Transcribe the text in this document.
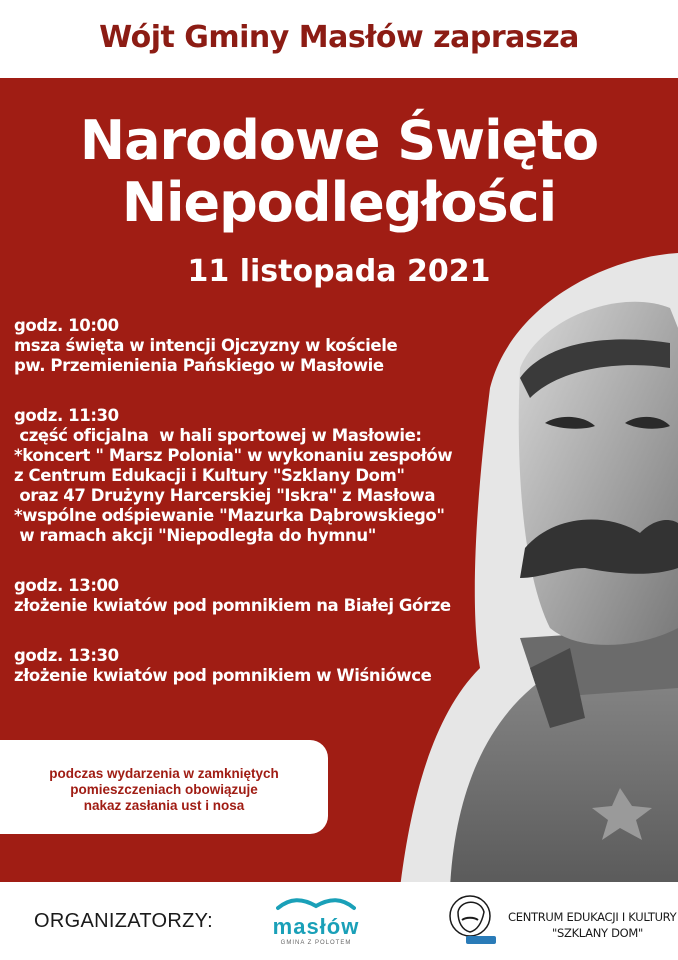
Wójt Gminy Masłów zaprasza
Narodowe Święto
Niepodległości
11 listopada 2021
godz. 10:00
msza święta w intencji Ojczyzny w kościele
pw. Przemienienia Pańskiego w Masłowie
godz. 11:30
część oficjalna  w hali sportowej w Masłowie:
*koncert " Marsz Polonia" w wykonaniu zespołów
z Centrum Edukacji i Kultury "Szklany Dom"
oraz 47 Drużyny Harcerskiej "Iskra" z Masłowa
*wspólne odśpiewanie "Mazurka Dąbrowskiego"
w ramach akcji "Niepodległa do hymnu"
godz. 13:00
złożenie kwiatów pod pomnikiem na Białej Górze
godz. 13:30
złożenie kwiatów pod pomnikiem w Wiśniówce
podczas wydarzenia w zamkniętych
pomieszczeniach obowiązuje
nakaz zasłania ust i nosa
ORGANIZATORZY:	masłów
GMINA Z POLOTEM
CENTRUM EDUKACJI I KULTURY
"SZKLANY DOM"
